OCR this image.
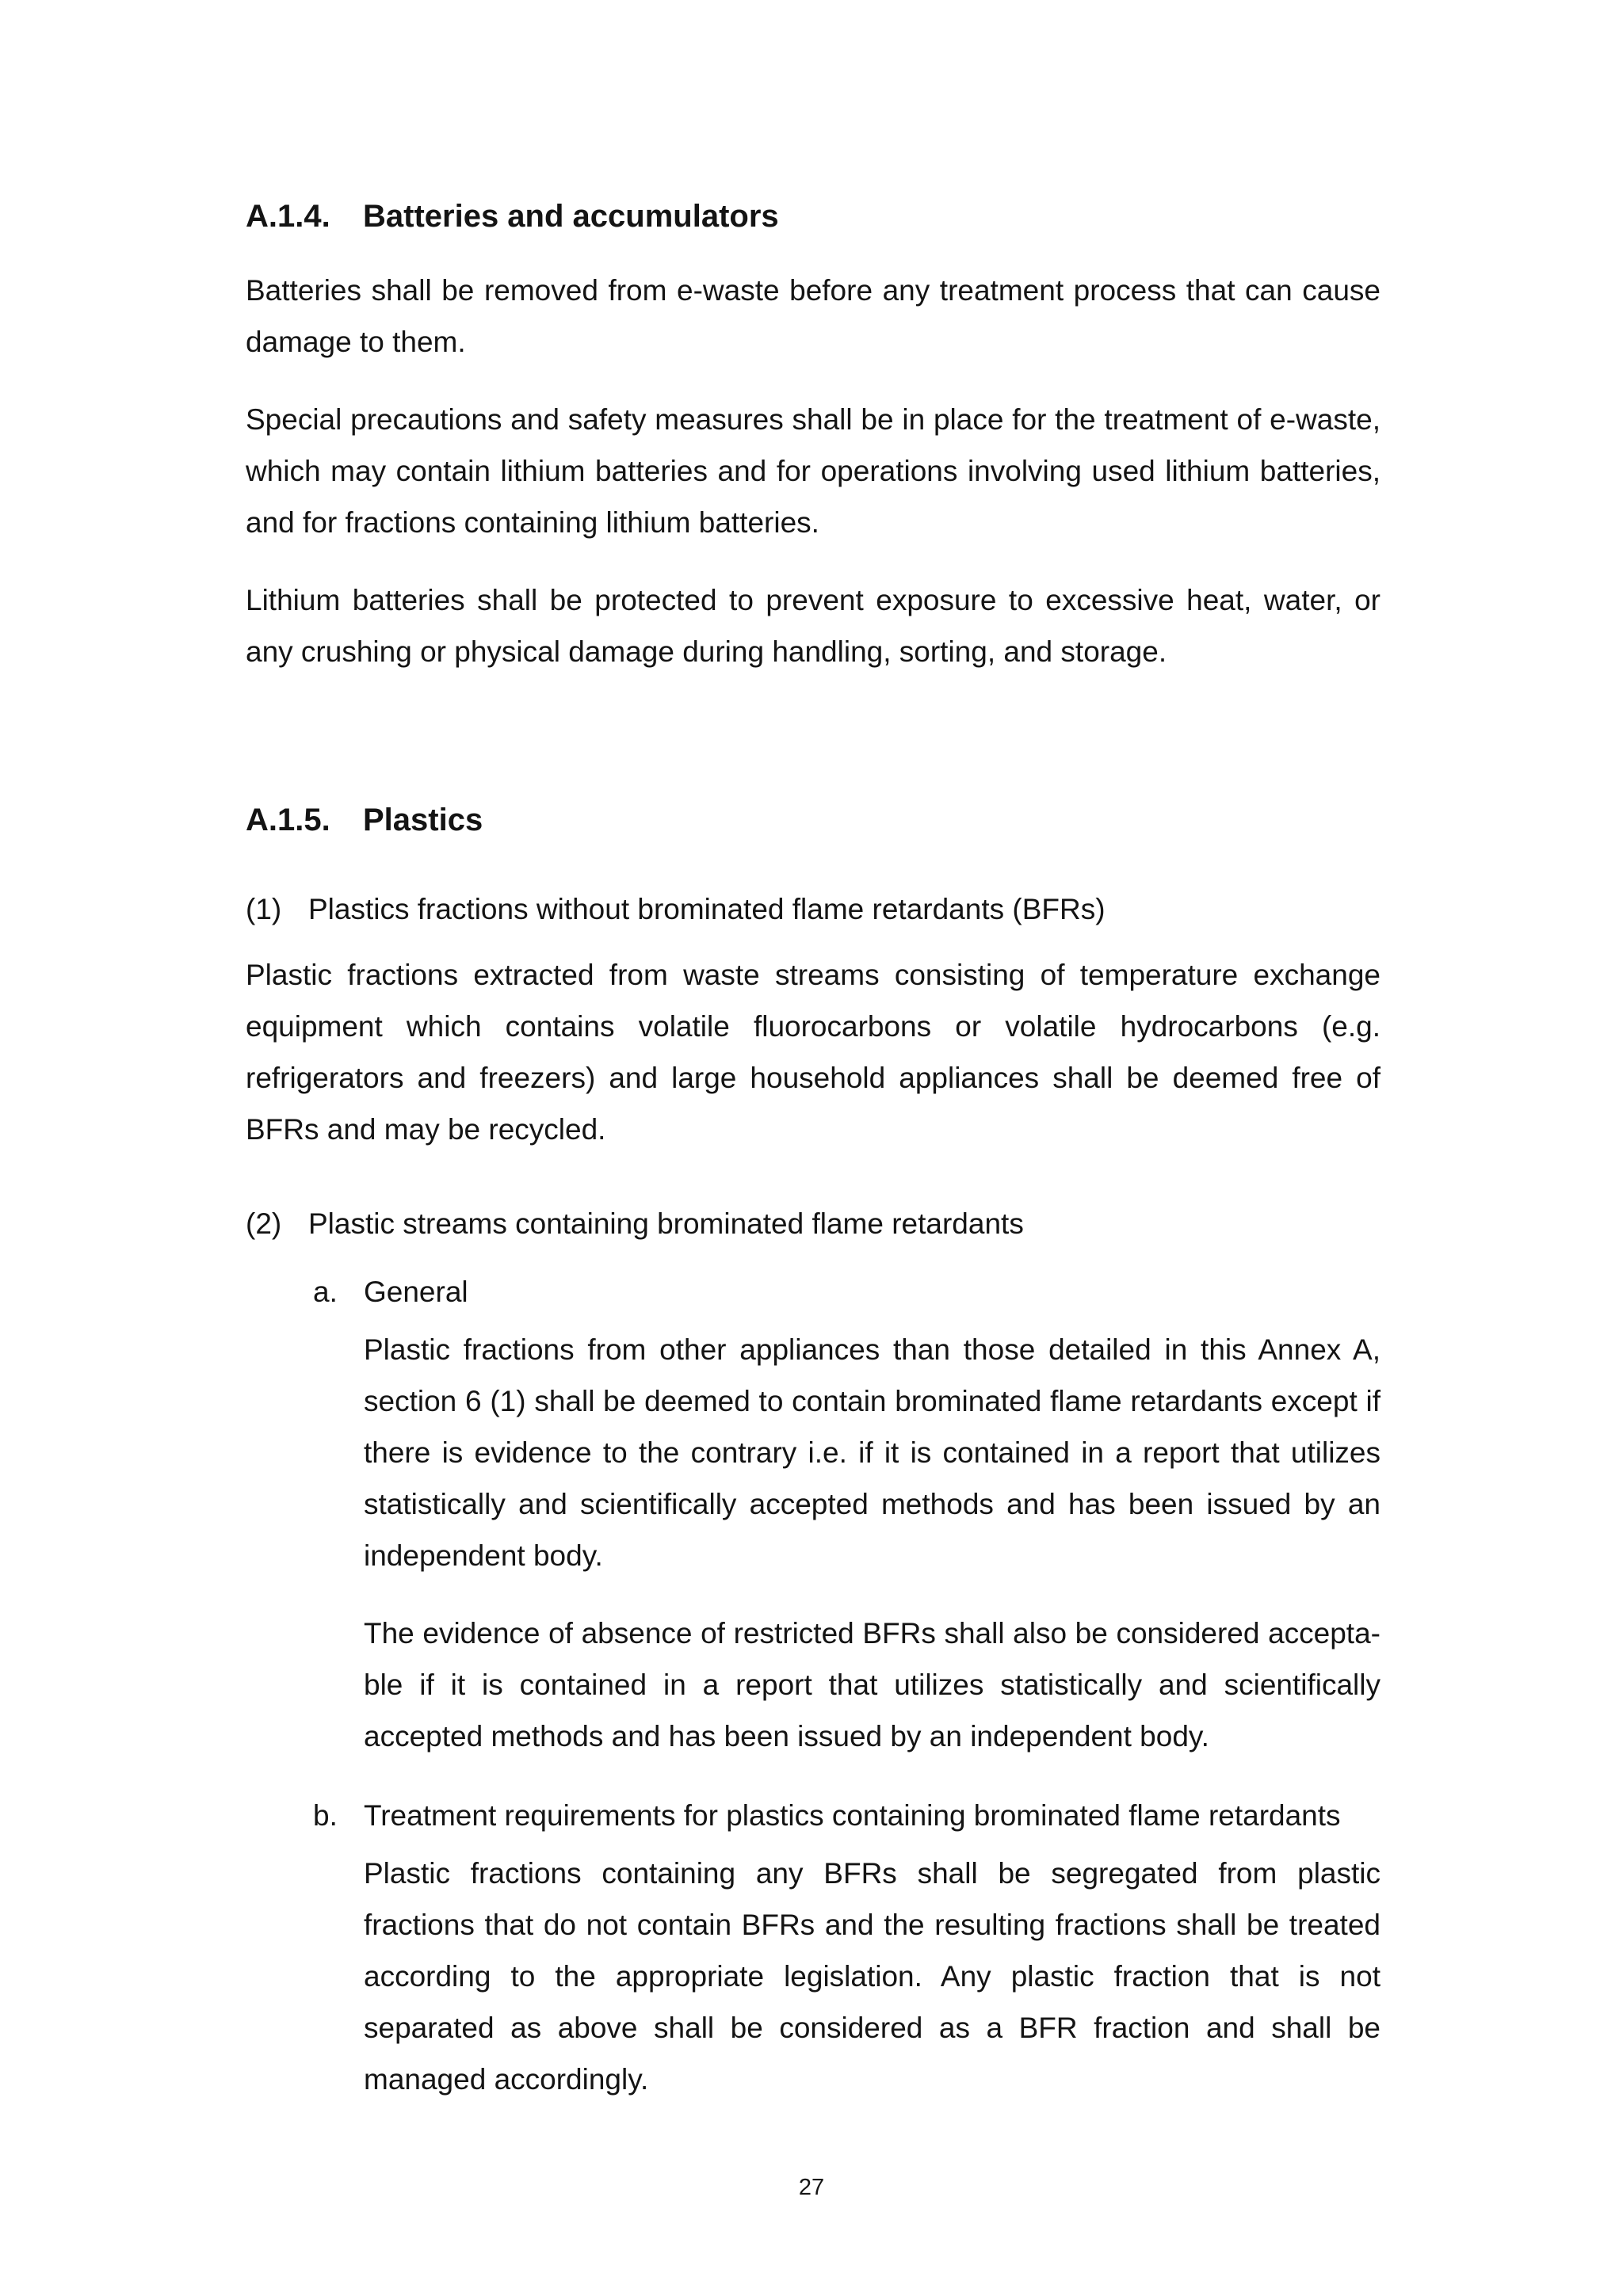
A.1.4. Batteries and accumulators

Batteries shall be removed from e-waste before any treatment process that can cause damage to them.

Special precautions and safety measures shall be in place for the treatment of e-waste, which may contain lithium batteries and for operations involving used lithium batteries, and for fractions containing lithium batteries.

Lithium batteries shall be protected to prevent exposure to excessive heat, water, or any crushing or physical damage during handling, sorting, and storage.

A.1.5. Plastics

(1) Plastics fractions without brominated flame retardants (BFRs)

Plastic fractions extracted from waste streams consisting of temperature exchange equipment which contains volatile fluorocarbons or volatile hydrocarbons (e.g. refrigerators and freezers) and large household appliances shall be deemed free of BFRs and may be recycled.

(2) Plastic streams containing brominated flame retardants

a. General

Plastic fractions from other appliances than those detailed in this Annex A, section 6 (1) shall be deemed to contain brominated flame retardants except if there is evidence to the contrary i.e. if it is contained in a report that utilizes statistically and scientifically accepted methods and has been issued by an independent body.

The evidence of absence of restricted BFRs shall also be considered acceptable if it is contained in a report that utilizes statistically and scientifically accepted methods and has been issued by an independent body.

b. Treatment requirements for plastics containing brominated flame retardants

Plastic fractions containing any BFRs shall be segregated from plastic fractions that do not contain BFRs and the resulting fractions shall be treated according to the appropriate legislation. Any plastic fraction that is not separated as above shall be considered as a BFR fraction and shall be managed accordingly.

27
